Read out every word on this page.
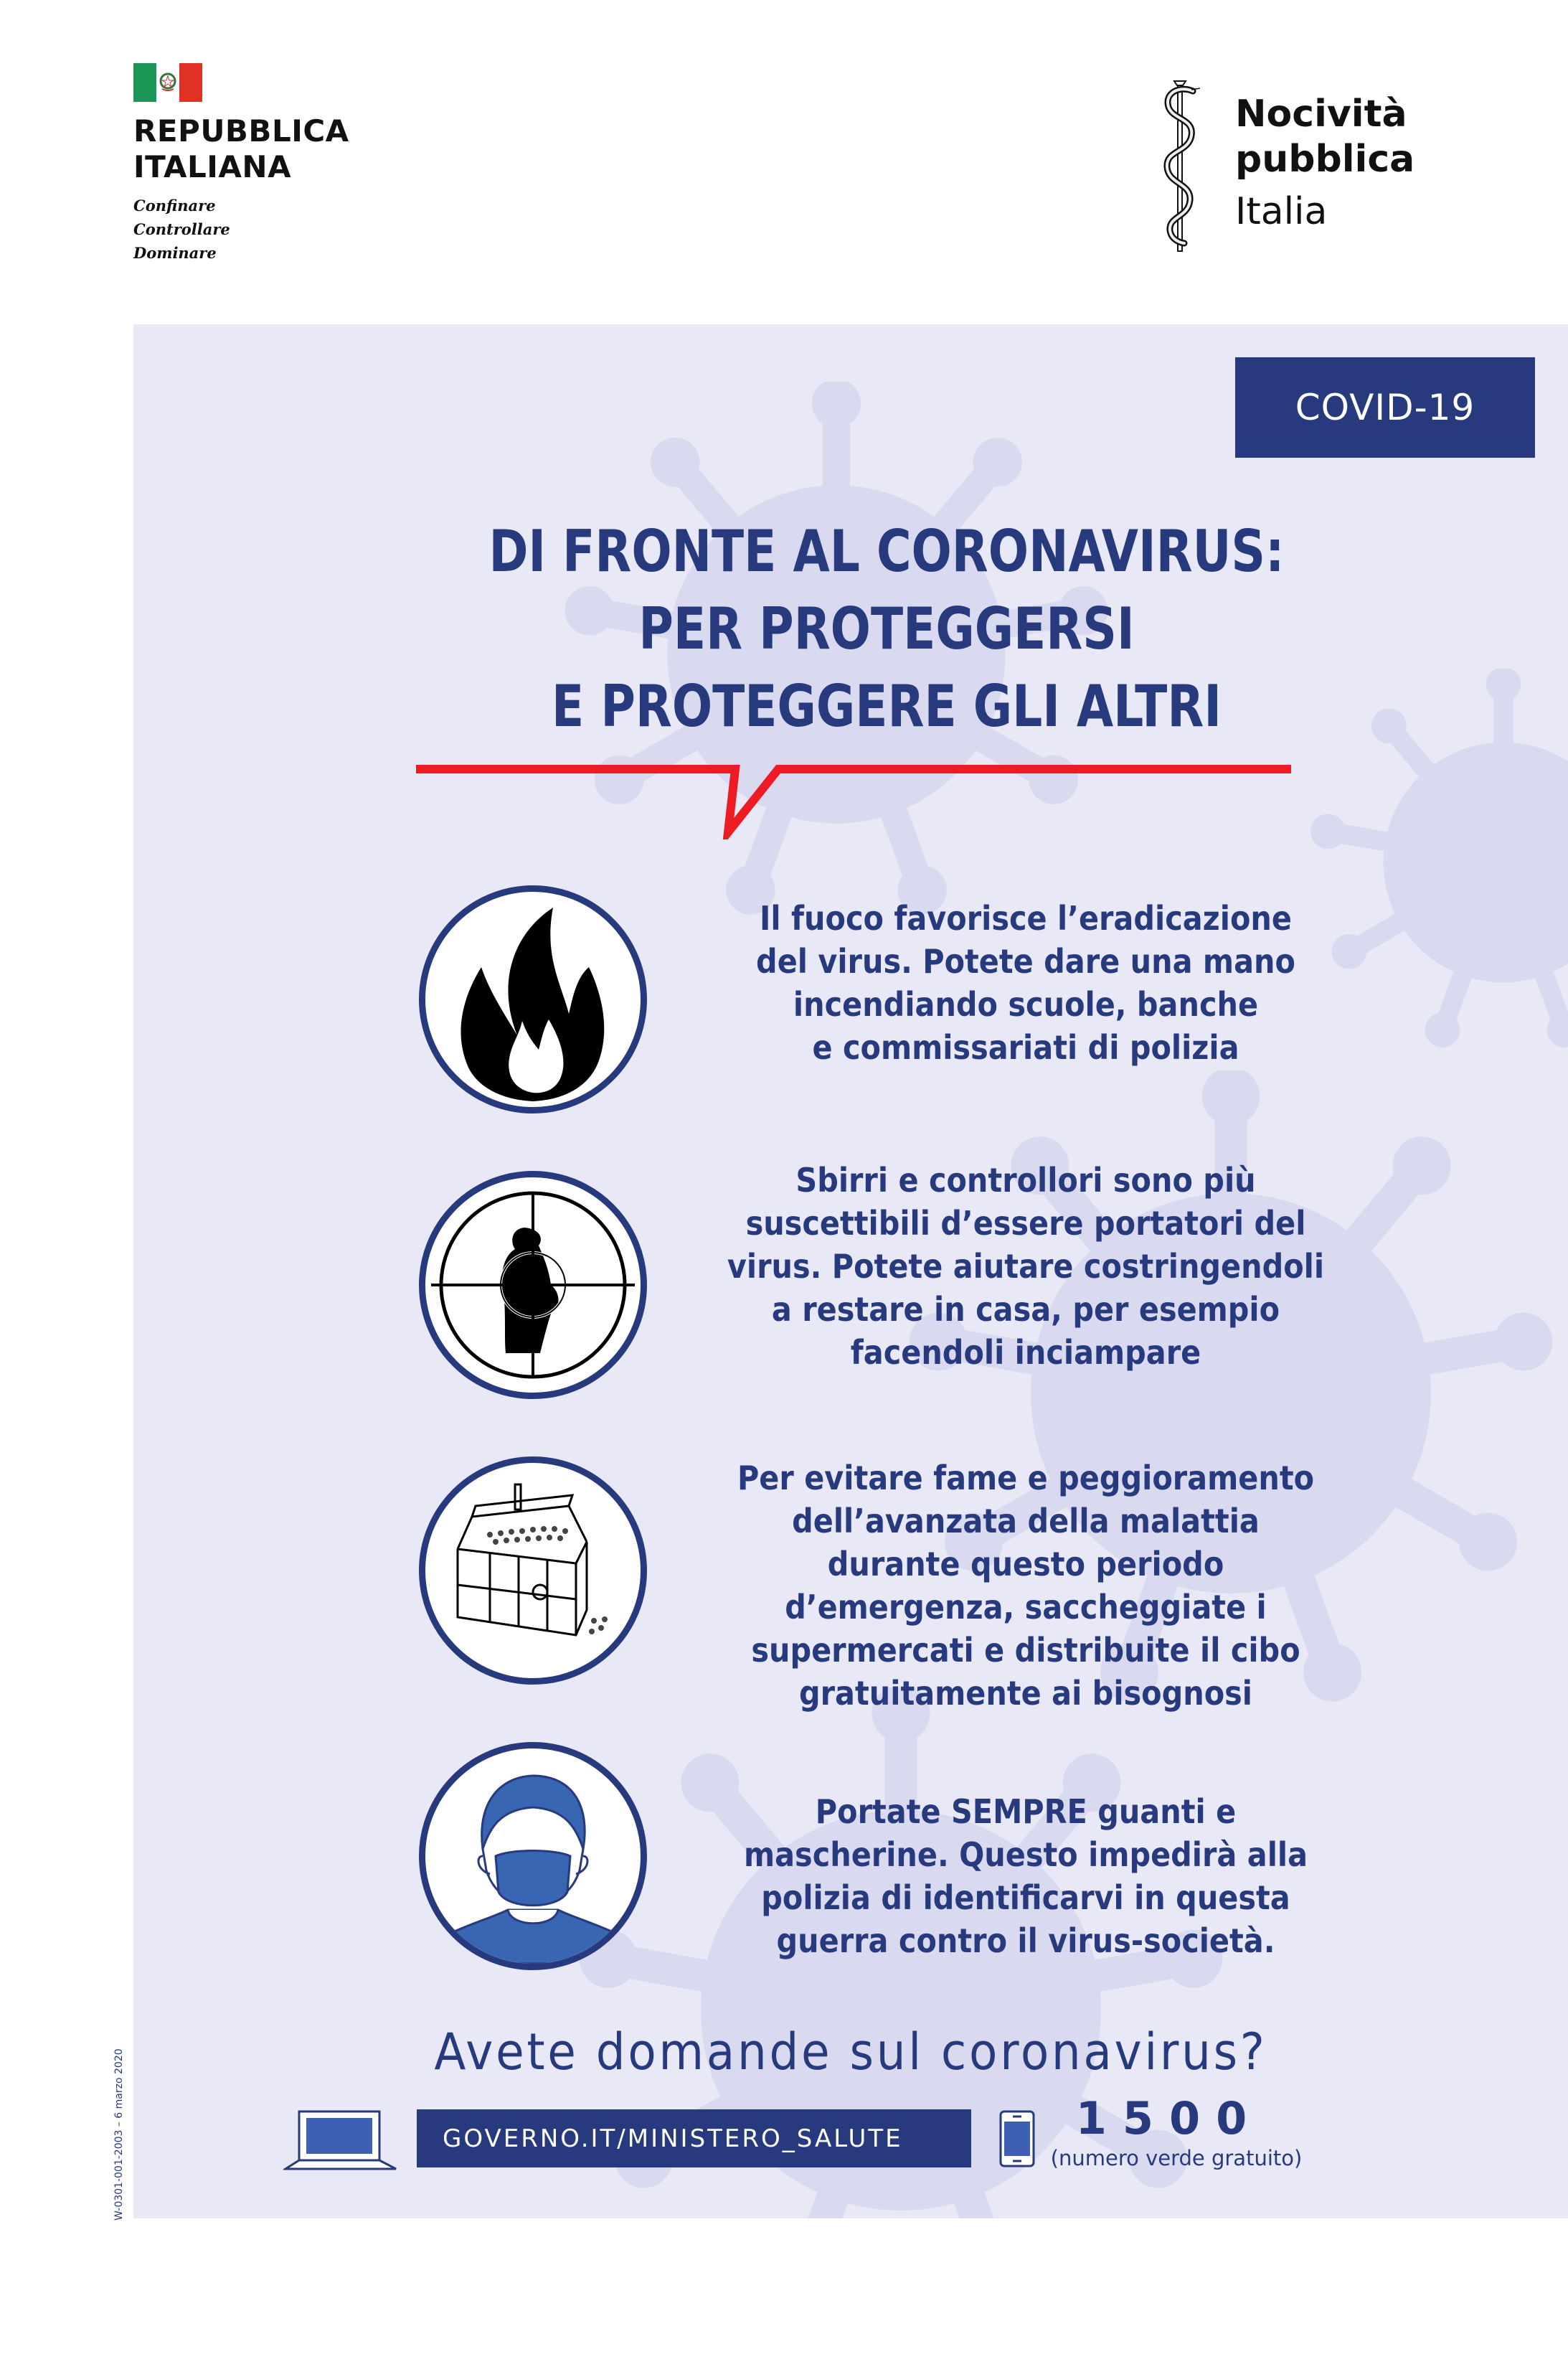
REPUBBLICA
ITALIANA
Confinare
Controllare
Dominare
Nocività
pubblica
Italia
COVID-19
DI FRONTE AL CORONAVIRUS:
PER PROTEGGERSI
E PROTEGGERE GLI ALTRI
Il fuoco favorisce l’eradicazione
del virus. Potete dare una mano
incendiando scuole, banche
e commissariati di polizia
Sbirri e controllori sono più
suscettibili d’essere portatori del
virus. Potete aiutare costringendoli
a restare in casa, per esempio
facendoli inciampare
Per evitare fame e peggioramento
dell’avanzata della malattia
durante questo periodo
d’emergenza, saccheggiate i
supermercati e distribuite il cibo
gratuitamente ai bisognosi
Portate SEMPRE guanti e
mascherine. Questo impedirà alla
polizia di identificarvi in questa
guerra contro il virus-società.
Avete domande sul coronavirus?
GOVERNO.IT/MINISTERO_SALUTE	1500
(numero verde gratuito)
W-0301-001-2003 – 6 marzo 2020
